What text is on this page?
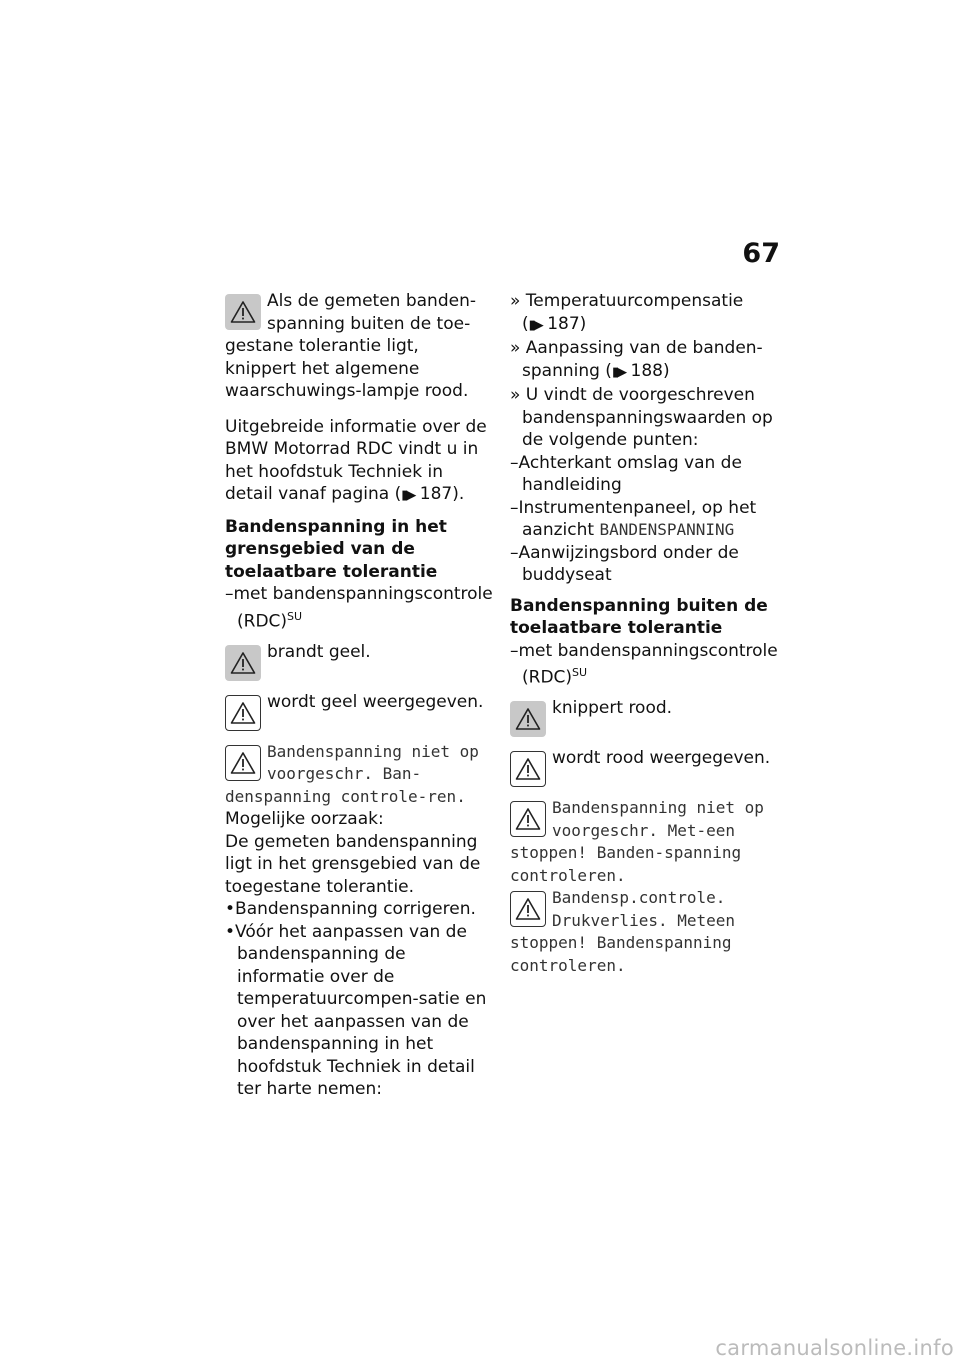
67

Als de gemeten banden-spanning buiten de toe-gestane tolerantie ligt, knippert het algemene waarschuwings-lampje rood.

Uitgebreide informatie over de BMW Motorrad RDC vindt u in het hoofdstuk Techniek in detail vanaf pagina (▮▶ 187).

Bandenspanning in het grensgebied van de toelaatbare tolerantie

–met bandenspanningscontrole (RDC)$^{SU}$

brandt geel.

wordt geel weergegeven.

Bandenspanning niet op voorgeschr. Ban-denspanning controle-ren.

Mogelijke oorzaak:

De gemeten bandenspanning ligt in het grensgebied van de toegestane tolerantie.

•Bandenspanning corrigeren.

•Vóór het aanpassen van de bandenspanning de informatie over de temperatuurcompen-satie en over het aanpassen van de bandenspanning in het hoofdstuk Techniek in detail ter harte nemen:

» Temperatuurcompensatie
(▮▶ 187)

» Aanpassing van de banden-spanning (▮▶ 188)

» U vindt de voorgeschreven bandenspanningswaarden op de volgende punten:

–Achterkant omslag van de handleiding

–Instrumentenpaneel, op het aanzicht BANDENSPANNING

–Aanwijzingsbord onder de buddyseat

Bandenspanning buiten de toelaatbare tolerantie

–met bandenspanningscontrole (RDC)$^{SU}$

knippert rood.

wordt rood weergegeven.

Bandenspanning niet op voorgeschr. Met-een stoppen! Banden-spanning controleren.

Bandensp.controle. Drukverlies. Meteen stoppen! Bandenspanning controleren.

carmanualsonline.info
